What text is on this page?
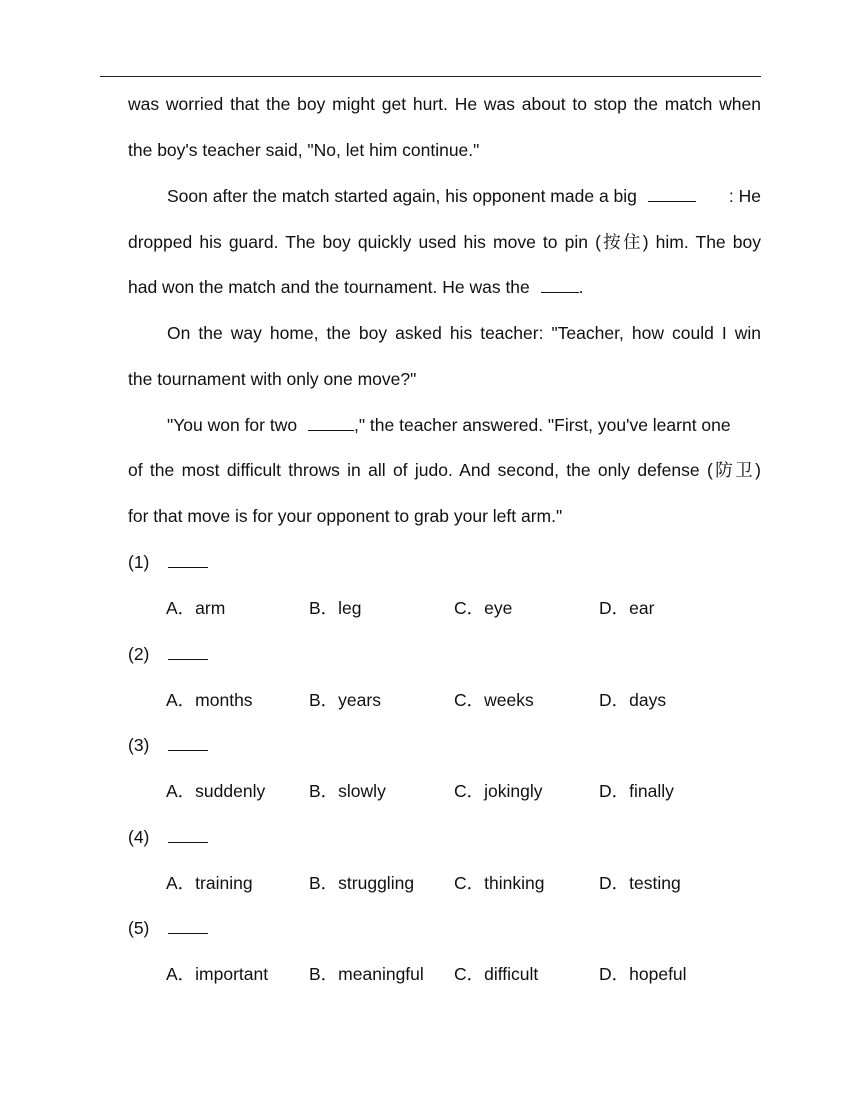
was worried that the boy might get hurt. He was about to stop the match when
the boy's teacher said, "No, let him continue."
Soon after the match started again, his opponent made a big	: He
dropped his guard. The boy quickly used his move to pin (按住) him. The boy
had won the match and the tournament. He was the	.
On the way home, the boy asked his teacher: "Teacher, how could I win
the tournament with only one move?"
"You won for two	," the teacher answered. "First, you've learnt one
of the most difficult throws in all of judo. And second, the only defense (防卫)
for that move is for your opponent to grab your left arm."
(1)
A．arm	B．leg	C．eye	D．ear
(2)
A．months	B．years	C．weeks	D．days
(3)
A．suddenly	B．slowly	C．jokingly	D．finally
(4)
A．training	B．struggling C．thinking	D．testing
(5)
A．important B．meaningful C．difficult	D．hopeful
